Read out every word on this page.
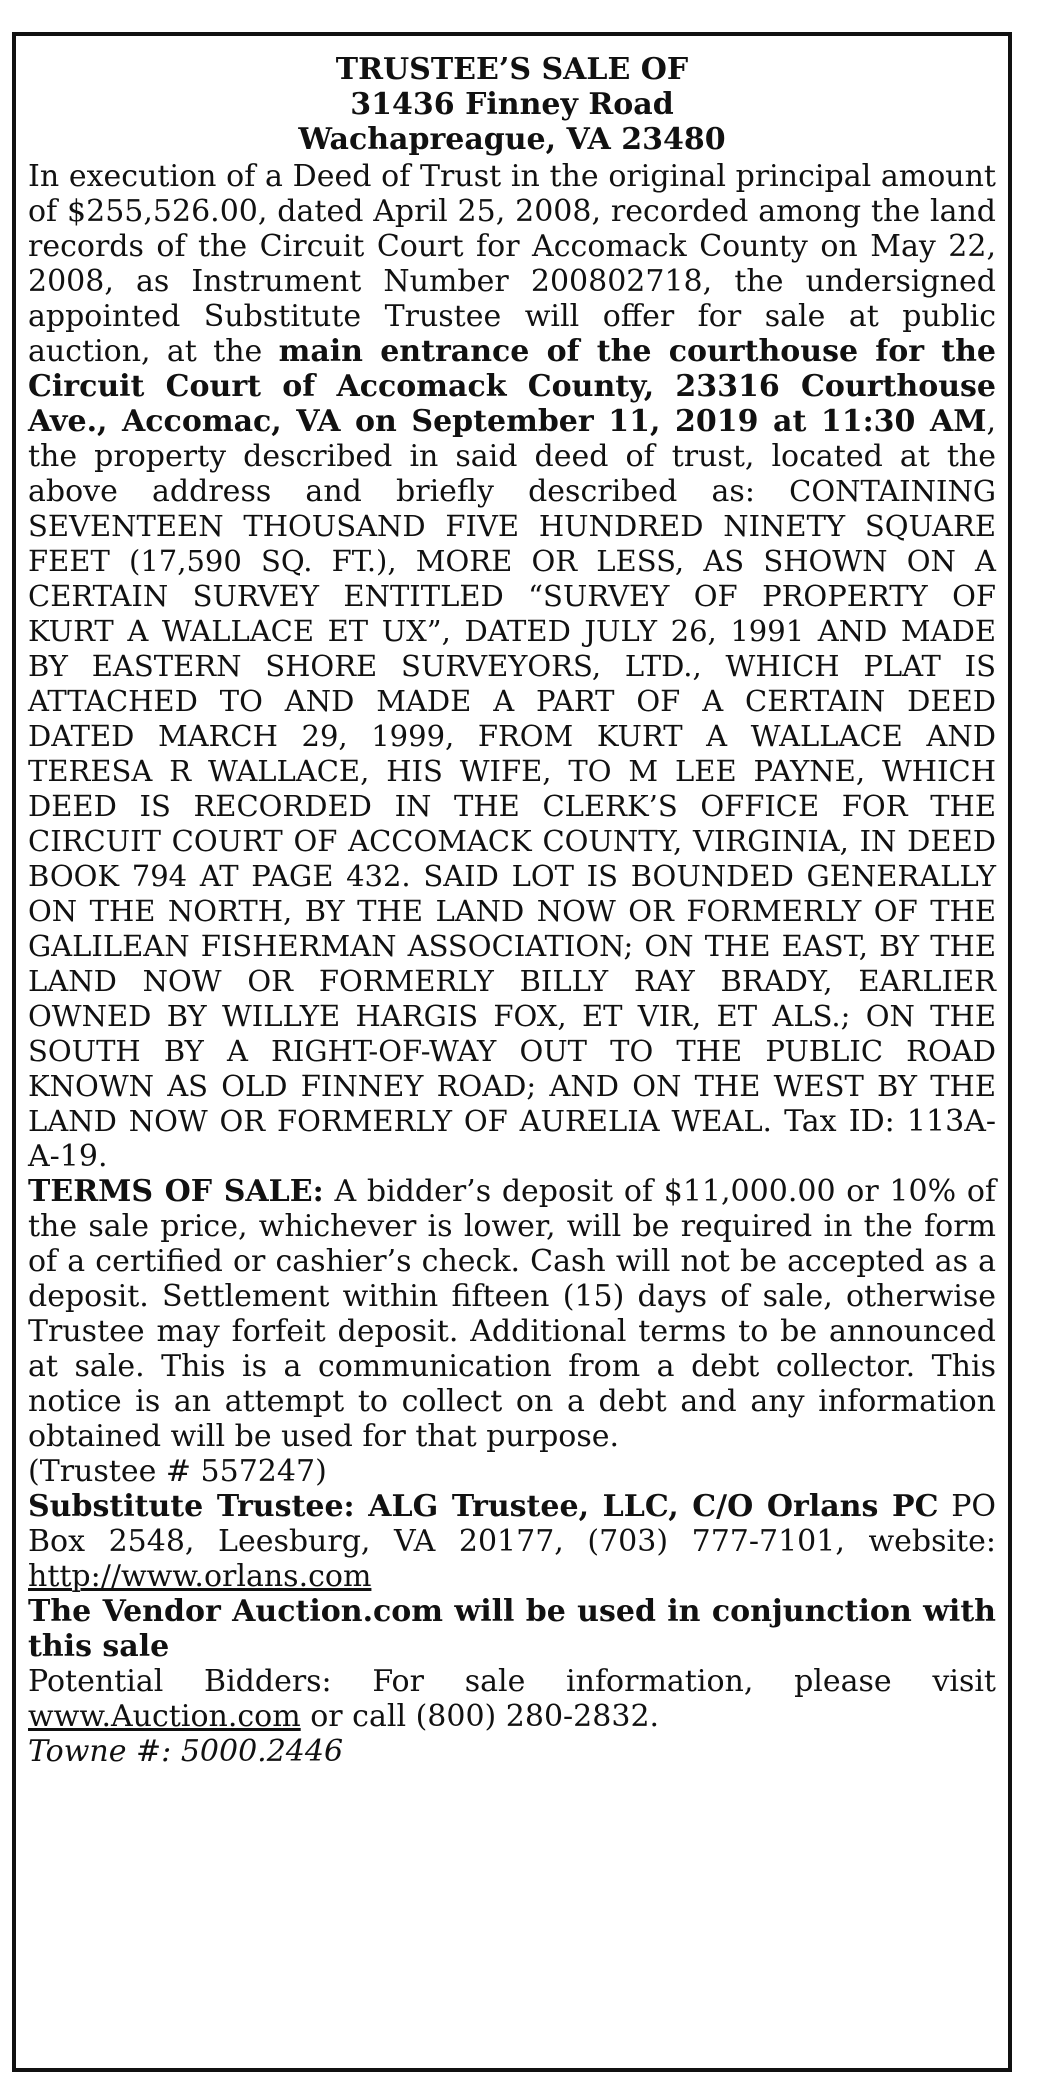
TRUSTEE’S SALE OF
31436 Finney Road
Wachapreague, VA 23480

In execution of a Deed of Trust in the original principal amount of $255,526.00, dated April 25, 2008, recorded among the land records of the Circuit Court for Accomack County on May 22, 2008, as Instrument Number 200802718, the undersigned appointed Substitute Trustee will offer for sale at public auction, at the main entrance of the courthouse for the Circuit Court of Accomack County, 23316 Courthouse Ave., Accomac, VA on September 11, 2019 at 11:30 AM, the property described in said deed of trust, located at the above address and briefly described as: CONTAINING SEVENTEEN THOUSAND FIVE HUNDRED NINETY SQUARE FEET (17,590 SQ. FT.), MORE OR LESS, AS SHOWN ON A CERTAIN SURVEY ENTITLED “SURVEY OF PROPERTY OF KURT A WALLACE ET UX”, DATED JULY 26, 1991 AND MADE BY EASTERN SHORE SURVEYORS, LTD., WHICH PLAT IS ATTACHED TO AND MADE A PART OF A CERTAIN DEED DATED MARCH 29, 1999, FROM KURT A WALLACE AND TERESA R WALLACE, HIS WIFE, TO M LEE PAYNE, WHICH DEED IS RECORDED IN THE CLERK’S OFFICE FOR THE CIRCUIT COURT OF ACCOMACK COUNTY, VIRGINIA, IN DEED BOOK 794 AT PAGE 432. SAID LOT IS BOUNDED GENERALLY ON THE NORTH, BY THE LAND NOW OR FORMERLY OF THE GALILEAN FISHERMAN ASSOCIATION; ON THE EAST, BY THE LAND NOW OR FORMERLY BILLY RAY BRADY, EARLIER OWNED BY WILLYE HARGIS FOX, ET VIR, ET ALS.; ON THE SOUTH BY A RIGHT-OF-WAY OUT TO THE PUBLIC ROAD KNOWN AS OLD FINNEY ROAD; AND ON THE WEST BY THE LAND NOW OR FORMERLY OF AURELIA WEAL. Tax ID: 113A-A-19.

TERMS OF SALE: A bidder’s deposit of $11,000.00 or 10% of the sale price, whichever is lower, will be required in the form of a certified or cashier’s check. Cash will not be accepted as a deposit. Settlement within fifteen (15) days of sale, otherwise Trustee may forfeit deposit. Additional terms to be announced at sale. This is a communication from a debt collector. This notice is an attempt to collect on a debt and any information obtained will be used for that purpose.

(Trustee # 557247)

Substitute Trustee: ALG Trustee, LLC, C/O Orlans PC PO Box 2548, Leesburg, VA 20177, (703) 777-7101, website: http://www.orlans.com

The Vendor Auction.com will be used in conjunction with this sale

Potential Bidders: For sale information, please visit www.Auction.com or call (800) 280-2832.

Towne #: 5000.2446
